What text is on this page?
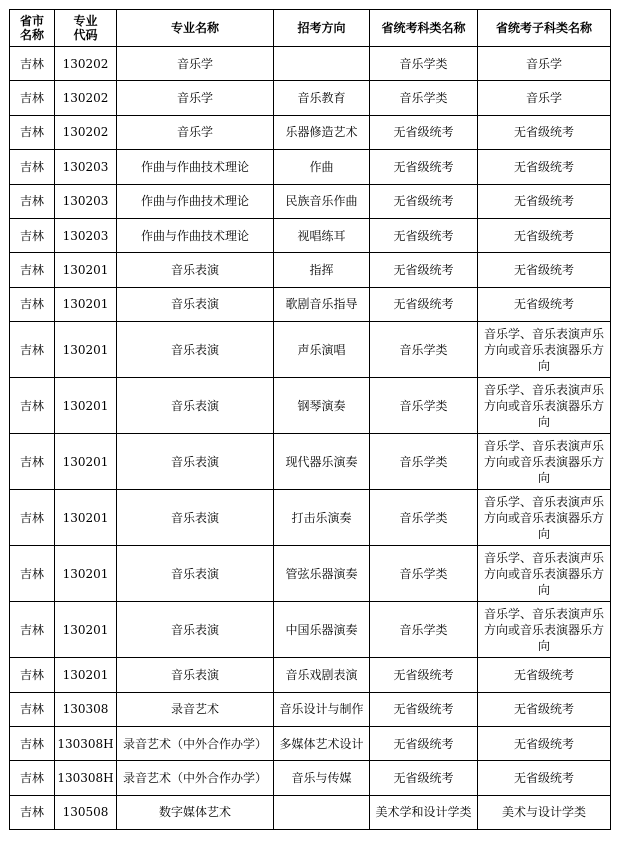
省市名称	专业代码	专业名称	招考方向	省统考科类名称	省统考子科类名称
吉林	130202	音乐学		音乐学类	音乐学
吉林	130202	音乐学	音乐教育	音乐学类	音乐学
吉林	130202	音乐学	乐器修造艺术	无省级统考	无省级统考
吉林	130203	作曲与作曲技术理论	作曲	无省级统考	无省级统考
吉林	130203	作曲与作曲技术理论	民族音乐作曲	无省级统考	无省级统考
吉林	130203	作曲与作曲技术理论	视唱练耳	无省级统考	无省级统考
吉林	130201	音乐表演	指挥	无省级统考	无省级统考
吉林	130201	音乐表演	歌剧音乐指导	无省级统考	无省级统考
吉林	130201	音乐表演	声乐演唱	音乐学类	音乐学、音乐表演声乐方向或音乐表演器乐方向
吉林	130201	音乐表演	钢琴演奏	音乐学类	音乐学、音乐表演声乐方向或音乐表演器乐方向
吉林	130201	音乐表演	现代器乐演奏	音乐学类	音乐学、音乐表演声乐方向或音乐表演器乐方向
吉林	130201	音乐表演	打击乐演奏	音乐学类	音乐学、音乐表演声乐方向或音乐表演器乐方向
吉林	130201	音乐表演	管弦乐器演奏	音乐学类	音乐学、音乐表演声乐方向或音乐表演器乐方向
吉林	130201	音乐表演	中国乐器演奏	音乐学类	音乐学、音乐表演声乐方向或音乐表演器乐方向
吉林	130201	音乐表演	音乐戏剧表演	无省级统考	无省级统考
吉林	130308	录音艺术	音乐设计与制作	无省级统考	无省级统考
吉林	130308H	录音艺术（中外合作办学）	多媒体艺术设计	无省级统考	无省级统考
吉林	130308H	录音艺术（中外合作办学）	音乐与传媒	无省级统考	无省级统考
吉林	130508	数字媒体艺术		美术学和设计学类	美术与设计学类
